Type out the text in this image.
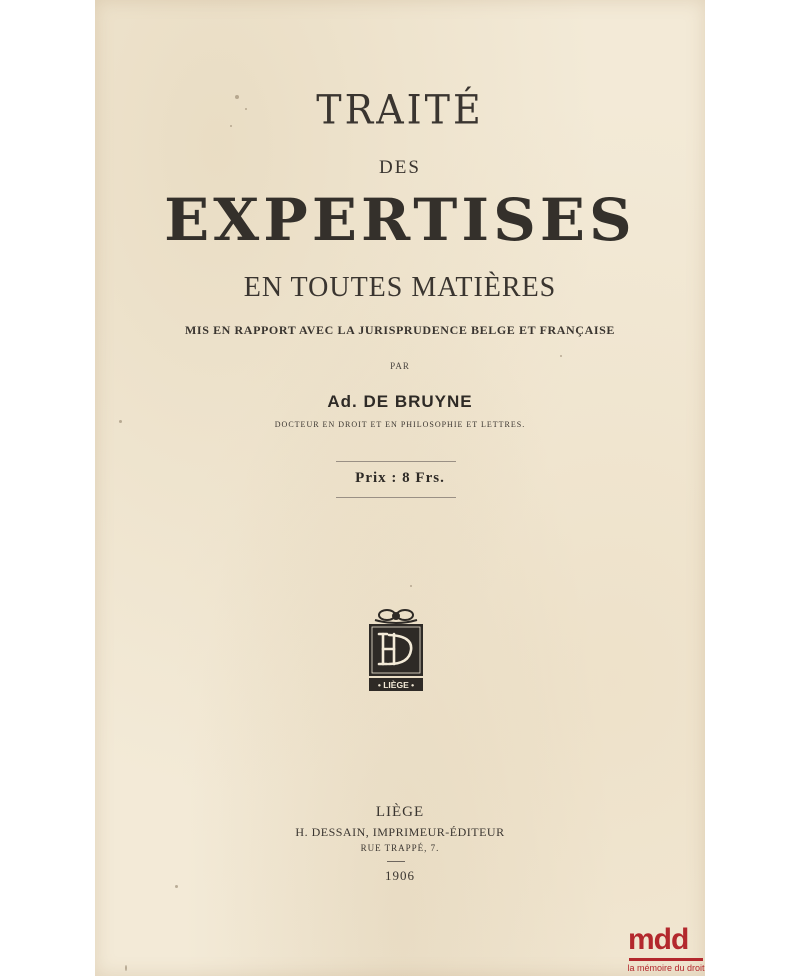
TRAITÉ
DES
EXPERTISES
EN TOUTES MATIÈRES
MIS EN RAPPORT AVEC LA JURISPRUDENCE BELGE ET FRANÇAISE
PAR
Ad. DE BRUYNE
DOCTEUR EN DROIT ET EN PHILOSOPHIE ET LETTRES.
Prix : 8 Frs.
• LIÈGE •
LIÈGE
H. DESSAIN, IMPRIMEUR-ÉDITEUR
RUE TRAPPÉ, 7.
1906
mdd
la mémoire du droit
